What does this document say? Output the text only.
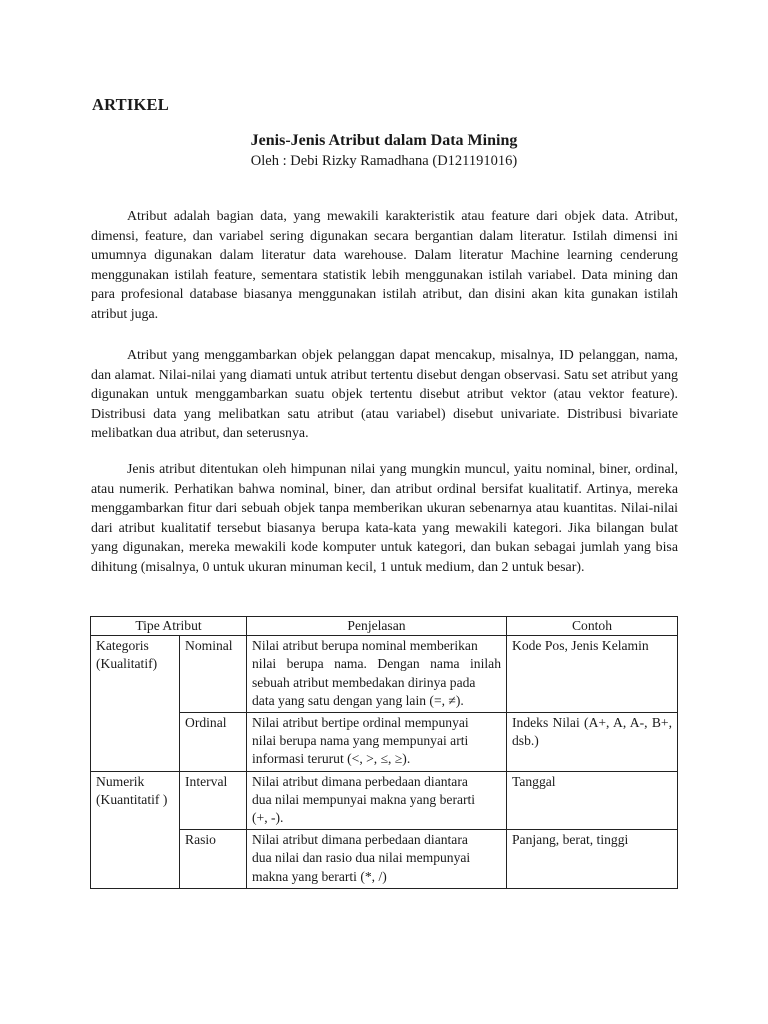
ARTIKEL
Jenis-Jenis Atribut dalam Data Mining
Oleh : Debi Rizky Ramadhana (D121191016)

Atribut adalah bagian data, yang mewakili karakteristik atau feature dari objek data. Atribut, dimensi, feature, dan variabel sering digunakan secara bergantian dalam literatur. Istilah dimensi ini umumnya digunakan dalam literatur data warehouse. Dalam literatur Machine learning cenderung menggunakan istilah feature, sementara statistik lebih menggunakan istilah variabel. Data mining dan para profesional database biasanya menggunakan istilah atribut, dan disini akan kita gunakan istilah atribut juga.

Atribut yang menggambarkan objek pelanggan dapat mencakup, misalnya, ID pelanggan, nama, dan alamat. Nilai-nilai yang diamati untuk atribut tertentu disebut dengan observasi. Satu set atribut yang digunakan untuk menggambarkan suatu objek tertentu disebut atribut vektor (atau vektor feature). Distribusi data yang melibatkan satu atribut (atau variabel) disebut univariate. Distribusi bivariate melibatkan dua atribut, dan seterusnya.

Jenis atribut ditentukan oleh himpunan nilai yang mungkin muncul, yaitu nominal, biner, ordinal, atau numerik. Perhatikan bahwa nominal, biner, dan atribut ordinal bersifat kualitatif. Artinya, mereka menggambarkan fitur dari sebuah objek tanpa memberikan ukuran sebenarnya atau kuantitas. Nilai-nilai dari atribut kualitatif tersebut biasanya berupa kata-kata yang mewakili kategori. Jika bilangan bulat yang digunakan, mereka mewakili kode komputer untuk kategori, dan bukan sebagai jumlah yang bisa dihitung (misalnya, 0 untuk ukuran minuman kecil, 1 untuk medium, dan 2 untuk besar).

Tipe Atribut		Penjelasan	Contoh
Kategoris (Kualitatif)	Nominal	Nilai atribut berupa nominal memberikan
nilai berupa nama. Dengan nama inilah sebuah atribut membedakan dirinya pada
data yang satu dengan yang lain (=, ≠).	Kode Pos, Jenis Kelamin
	Ordinal	Nilai atribut bertipe ordinal mempunyai
nilai berupa nama yang mempunyai arti
informasi terurut (<, >, ≤, ≥).	Indeks Nilai (A+, A, A-, B+, dsb.)
Numerik (Kuantitatif )	Interval	Nilai atribut dimana perbedaan diantara
dua nilai mempunyai makna yang berarti
(+, -).	Tanggal
	Rasio	Nilai atribut dimana perbedaan diantara
dua nilai dan rasio dua nilai mempunyai
makna yang berarti (*, /)	Panjang, berat, tinggi
